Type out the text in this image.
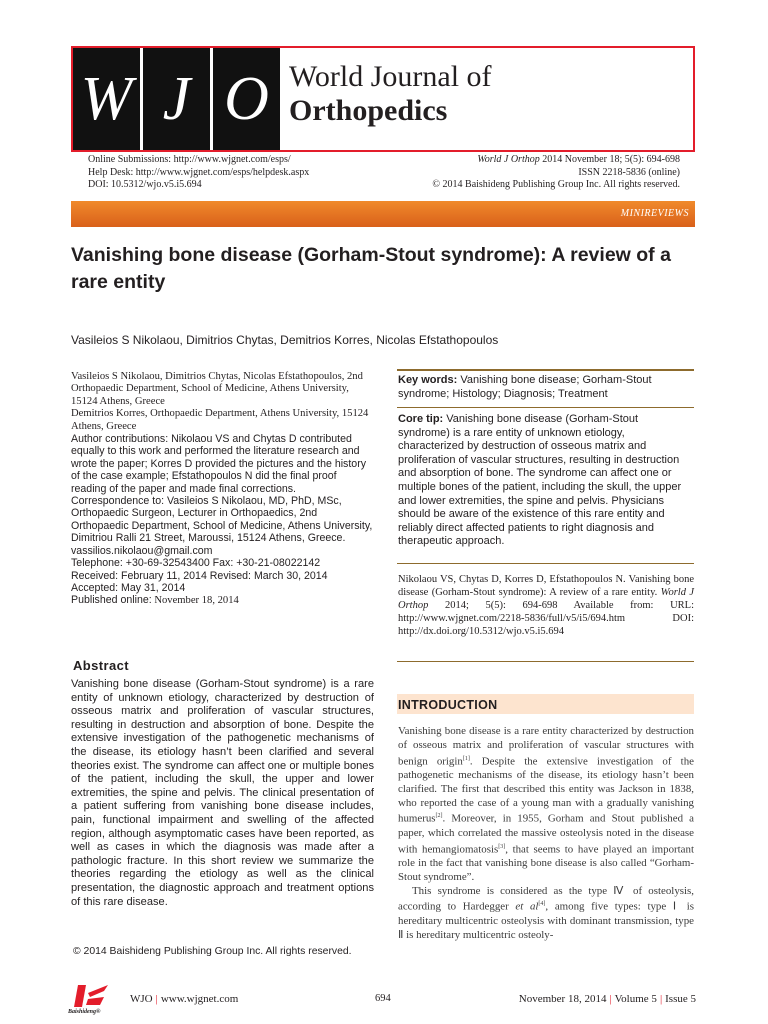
W J O World Journal of
Orthopedics
Online Submissions: http://www.wjgnet.com/esps/
Help Desk: http://www.wjgnet.com/esps/helpdesk.aspx
DOI: 10.5312/wjo.v5.i5.694
World J Orthop 2014 November 18; 5(5): 694-698
ISSN 2218-5836 (online)
© 2014 Baishideng Publishing Group Inc. All rights reserved.
MINIREVIEWS
Vanishing bone disease (Gorham-Stout syndrome): A review of a rare entity
Vasileios S Nikolaou, Dimitrios Chytas, Demitrios Korres, Nicolas Efstathopoulos

Vasileios S Nikolaou, Dimitrios Chytas, Nicolas Efstathopoulos, 2nd Orthopaedic Department, School of Medicine, Athens University, 15124 Athens, Greece

Demitrios Korres, Orthopaedic Department, Athens University, 15124 Athens, Greece

Author contributions: Nikolaou VS and Chytas D contributed equally to this work and performed the literature research and wrote the paper; Korres D provided the pictures and the history of the case example; Efstathopoulos N did the final proof reading of the paper and made final corrections.

Correspondence to: Vasileios S Nikolaou, MD, PhD, MSc, Orthopaedic Surgeon, Lecturer in Orthopaedics, 2nd Orthopaedic Department, School of Medicine, Athens University, Dimitriou Ralli 21 Street, Maroussi, 15124 Athens, Greece. vassilios.nikolaou@gmail.com

Telephone: +30-69-32543400 Fax: +30-21-08022142

Received: February 11, 2014 Revised: March 30, 2014

Accepted: May 31, 2014

Published online: November 18, 2014

Abstract
Vanishing bone disease (Gorham-Stout syndrome) is a rare entity of unknown etiology, characterized by destruction of osseous matrix and proliferation of vascular structures, resulting in destruction and absorption of bone. Despite the extensive investigation of the pathogenetic mechanisms of the disease, its etiology hasn’t been clarified and several theories exist. The syndrome can affect one or multiple bones of the patient, including the skull, the upper and lower extremities, the spine and pelvis. The clinical presentation of a patient suffering from vanishing bone disease includes, pain, functional impairment and swelling of the affected region, although asymptomatic cases have been reported, as well as cases in which the diagnosis was made after a pathologic fracture. In this short review we summarize the theories regarding the etiology as well as the clinical presentation, the diagnostic approach and treatment options of this rare disease.
© 2014 Baishideng Publishing Group Inc. All rights reserved.
Key words: Vanishing bone disease; Gorham-Stout syndrome; Histology; Diagnosis; Treatment
Core tip: Vanishing bone disease (Gorham-Stout syndrome) is a rare entity of unknown etiology, characterized by destruction of osseous matrix and proliferation of vascular structures, resulting in destruction and absorption of bone. The syndrome can affect one or multiple bones of the patient, including the skull, the upper and lower extremities, the spine and pelvis. Physicians should be aware of the existence of this rare entity and reliably direct affected patients to right diagnosis and therapeutic approach.
Nikolaou VS, Chytas D, Korres D, Efstathopoulos N. Vanishing bone disease (Gorham-Stout syndrome): A review of a rare entity. World J Orthop 2014; 5(5): 694-698 Available from: URL: http://www.wjgnet.com/2218-5836/full/v5/i5/694.htm DOI: http://dx.doi.org/10.5312/wjo.v5.i5.694
INTRODUCTION

Vanishing bone disease is a rare entity characterized by destruction of osseous matrix and proliferation of vascular structures with benign origin[1]. Despite the extensive investigation of the pathogenetic mechanisms of the disease, its etiology hasn’t been clarified. The first that described this entity was Jackson in 1838, who reported the case of a young man with a gradually vanishing humerus[2]. Moreover, in 1955, Gorham and Stout published a paper, which correlated the massive osteolysis noted in the disease with hemangiomatosis[3], that seems to have played an important role in the fact that vanishing bone disease is also called “Gorham-Stout syndrome”.

This syndrome is considered as the type Ⅳ of osteolysis, according to Hardegger et al[4], among five types: type Ⅰ is hereditary multicentric osteolysis with dominant transmission, type Ⅱ is hereditary multicentric osteoly-

Baishideng®
WJO | www.wjgnet.com	694	November 18, 2014 | Volume 5 | Issue 5
